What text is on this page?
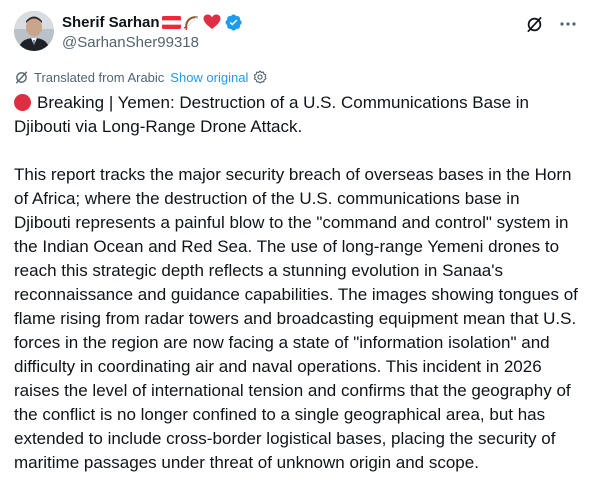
Sherif Sarhan
@SarhanSher99318
Translated from Arabic Show original
Breaking | Yemen: Destruction of a U.S. Communications Base in Djibouti via Long-Range Drone Attack.
This report tracks the major security breach of overseas bases in the Horn of Africa; where the destruction of the U.S. communications base in Djibouti represents a painful blow to the "command and control" system in the Indian Ocean and Red Sea. The use of long-range Yemeni drones to reach this strategic depth reflects a stunning evolution in Sanaa's reconnaissance and guidance capabilities. The images showing tongues of flame rising from radar towers and broadcasting equipment mean that U.S. forces in the region are now facing a state of "information isolation" and difficulty in coordinating air and naval operations. This incident in 2026 raises the level of international tension and confirms that the geography of the conflict is no longer confined to a single geographical area, but has extended to include cross-border logistical bases, placing the security of maritime passages under threat of unknown origin and scope.
